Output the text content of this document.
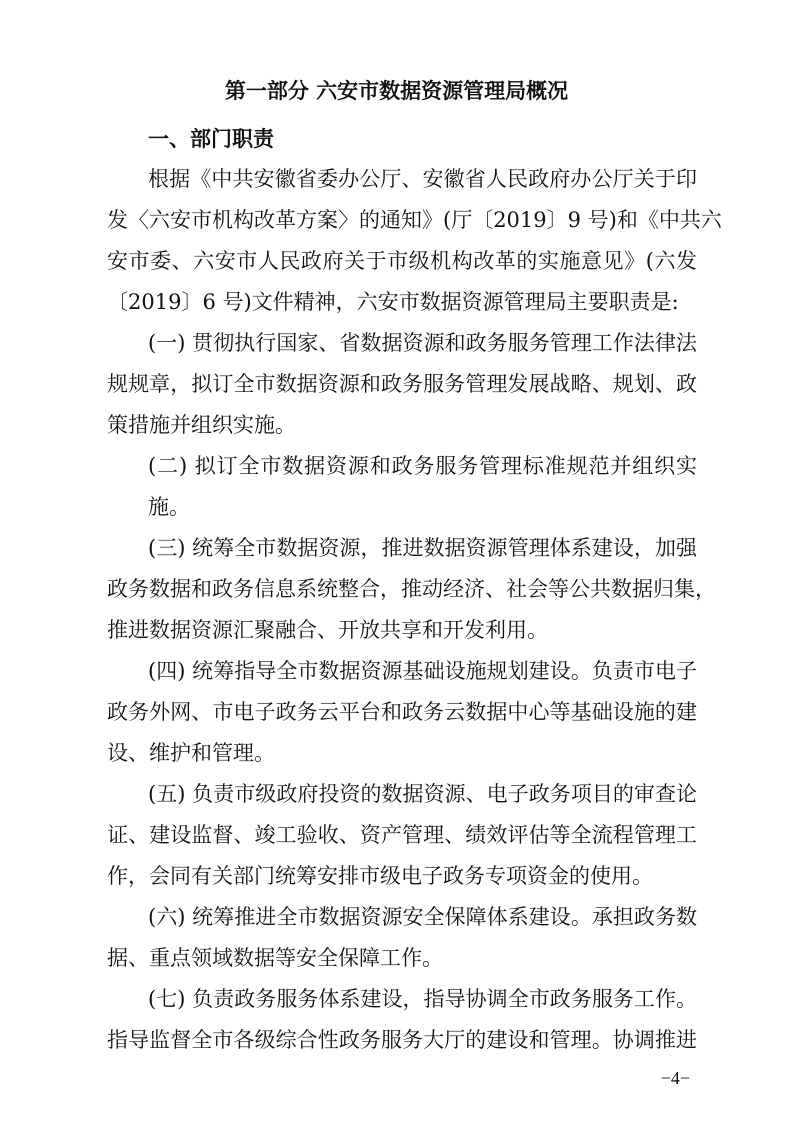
第一部分 六安市数据资源管理局概况
一、部门职责

根据《中共安徽省委办公厅、安徽省人民政府办公厅关于印

发〈六安市机构改革方案〉的通知》(厅〔2019〕9 号)和《中共六

安市委、六安市人民政府关于市级机构改革的实施意见》(六发

〔2019〕6 号)文件精神，六安市数据资源管理局主要职责是:

(一) 贯彻执行国家、省数据资源和政务服务管理工作法律法

规规章，拟订全市数据资源和政务服务管理发展战略、规划、政

策措施并组织实施。

(二) 拟订全市数据资源和政务服务管理标准规范并组织实

施。

(三) 统筹全市数据资源，推进数据资源管理体系建设，加强

政务数据和政务信息系统整合，推动经济、社会等公共数据归集，

推进数据资源汇聚融合、开放共享和开发利用。

(四) 统筹指导全市数据资源基础设施规划建设。负责市电子

政务外网、市电子政务云平台和政务云数据中心等基础设施的建

设、维护和管理。

(五) 负责市级政府投资的数据资源、电子政务项目的审查论

证、建设监督、竣工验收、资产管理、绩效评估等全流程管理工

作，会同有关部门统筹安排市级电子政务专项资金的使用。

(六) 统筹推进全市数据资源安全保障体系建设。承担政务数

据、重点领域数据等安全保障工作。

(七) 负责政务服务体系建设，指导协调全市政务服务工作。

指导监督全市各级综合性政务服务大厅的建设和管理。协调推进

−4−
